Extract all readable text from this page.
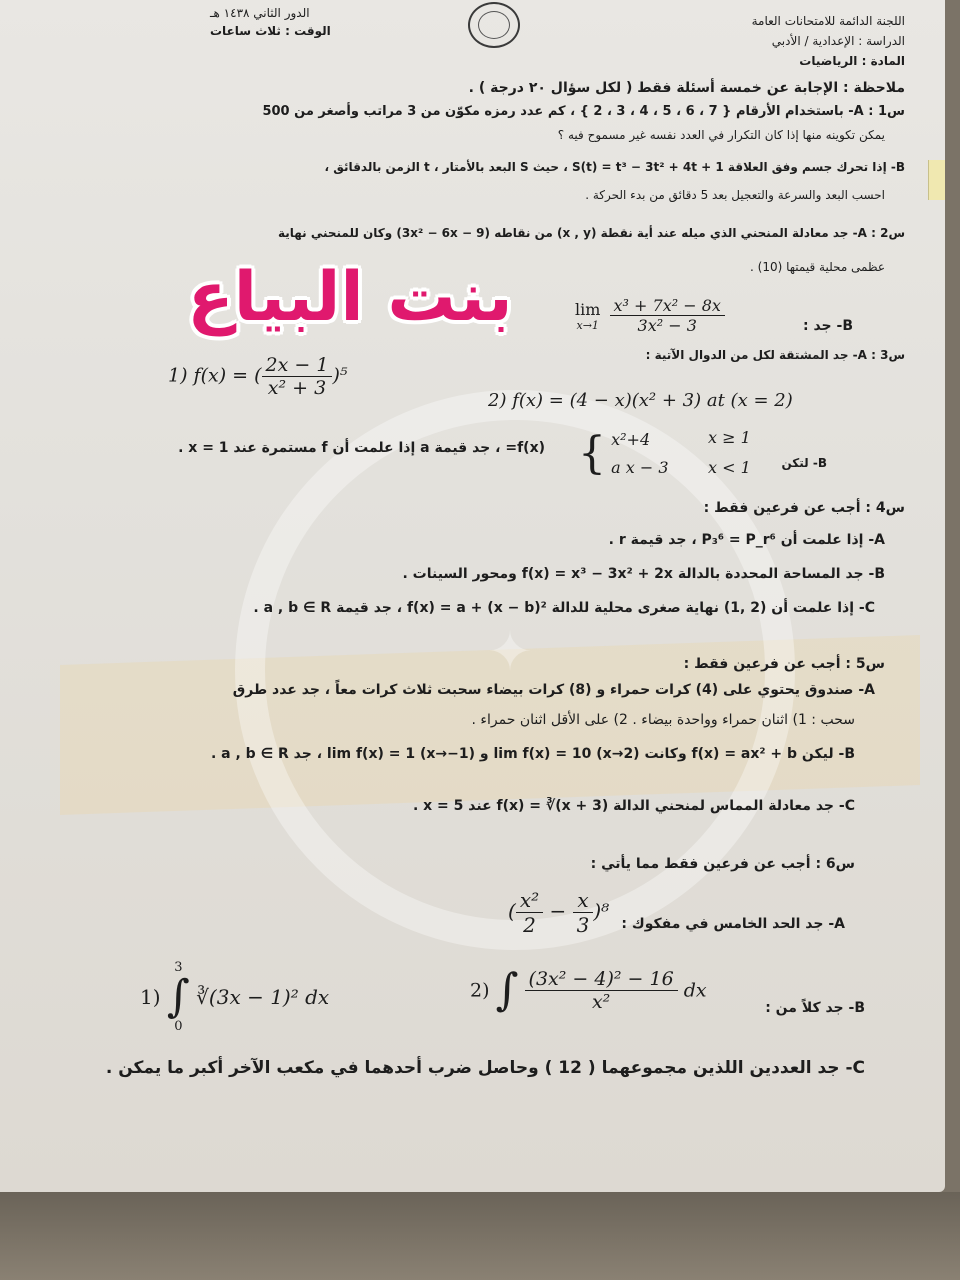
اللجنة الدائمة للامتحانات العامة
الدراسة : الإعدادية / الأدبي
المادة : الرياضيات
الدور الثاني ١٤٣٨ هـ
الوقت : ثلاث ساعات
ملاحظة : الإجابة عن خمسة أسئلة فقط ( لكل سؤال ٢٠ درجة ) .
س1 : A- باستخدام الأرقام { 7 ، 6 ، 5 ، 4 ، 3 ، 2 } ، كم عدد رمزه مكوّن من 3 مراتب وأصغر من 500
يمكن تكوينه منها إذا كان التكرار في العدد نفسه غير مسموح فيه ؟
B- إذا تحرك جسم وفق العلاقة S(t) = t³ − 3t² + 4t + 1 ، حيث S البعد بالأمتار ، t الزمن بالدقائق ،
احسب البعد والسرعة والتعجيل بعد 5 دقائق من بدء الحركة .
س2 : A- جد معادلة المنحني الذي ميله عند أية نقطة (x , y) من نقاطه (3x² − 6x − 9) وكان للمنحني نهاية
عظمى محلية قيمتها (10) .
بنت البياع	B- جد :
lim
x→1
$\frac{\text{x³ + 7x² − 8x}}{\text{3x² − 3}}$
س3 : A- جد المشتقة لكل من الدوال الآتية :
1) f(x) = ( $\frac{2x - 1}{\text{x² + 3}} )^5$
2) f(x) = (4 − x)(x² + 3) at (x = 2)
B- لتكن
{ x²+4
a x − 3
x ≥ 1
x < 1
f(x)= ، جد قيمة a إذا علمت أن f مستمرة عند x = 1 .
س4 : أجب عن فرعين فقط :
A- إذا علمت أن P₃⁶ = P_r⁶ ، جد قيمة r .
B- جد المساحة المحددة بالدالة f(x) = x³ − 3x² + 2x ومحور السينات .
C- إذا علمت أن (2 ,1) نهاية صغرى محلية للدالة f(x) = a + (x − b)² ، جد قيمة a , b ∈ R .
✦	س5 : أجب عن فرعين فقط :
A- صندوق يحتوي على (4) كرات حمراء و (8) كرات بيضاء سحبت ثلاث كرات معاً ، جد عدد طرق
سحب : 1) اثنان حمراء وواحدة بيضاء . 2) على الأقل اثنان حمراء .
B- ليكن f(x) = ax² + b وكانت lim f(x) = 10 (x→2) و lim f(x) = 1 (x→−1) ، جد a , b ∈ R .
C- جد معادلة المماس لمنحني الدالة f(x) = ∛(x + 3) عند x = 5 .
س6 : أجب عن فرعين فقط مما يأتي :
A- جد الحد الخامس في مفكوك :
( $\frac{\text{x²}}{2} - \frac{x}{3} )^8$
B- جد كلاً من :
1)
3
∫
0
∛(3x − 1)² dx	2) ∫ $\frac{\text{(3x² − 4)² − 16}}{\text{x²}}$ dx
C- جد العددين اللذين مجموعهما ( 12 ) وحاصل ضرب أحدهما في مكعب الآخر أكبر ما يمكن .
